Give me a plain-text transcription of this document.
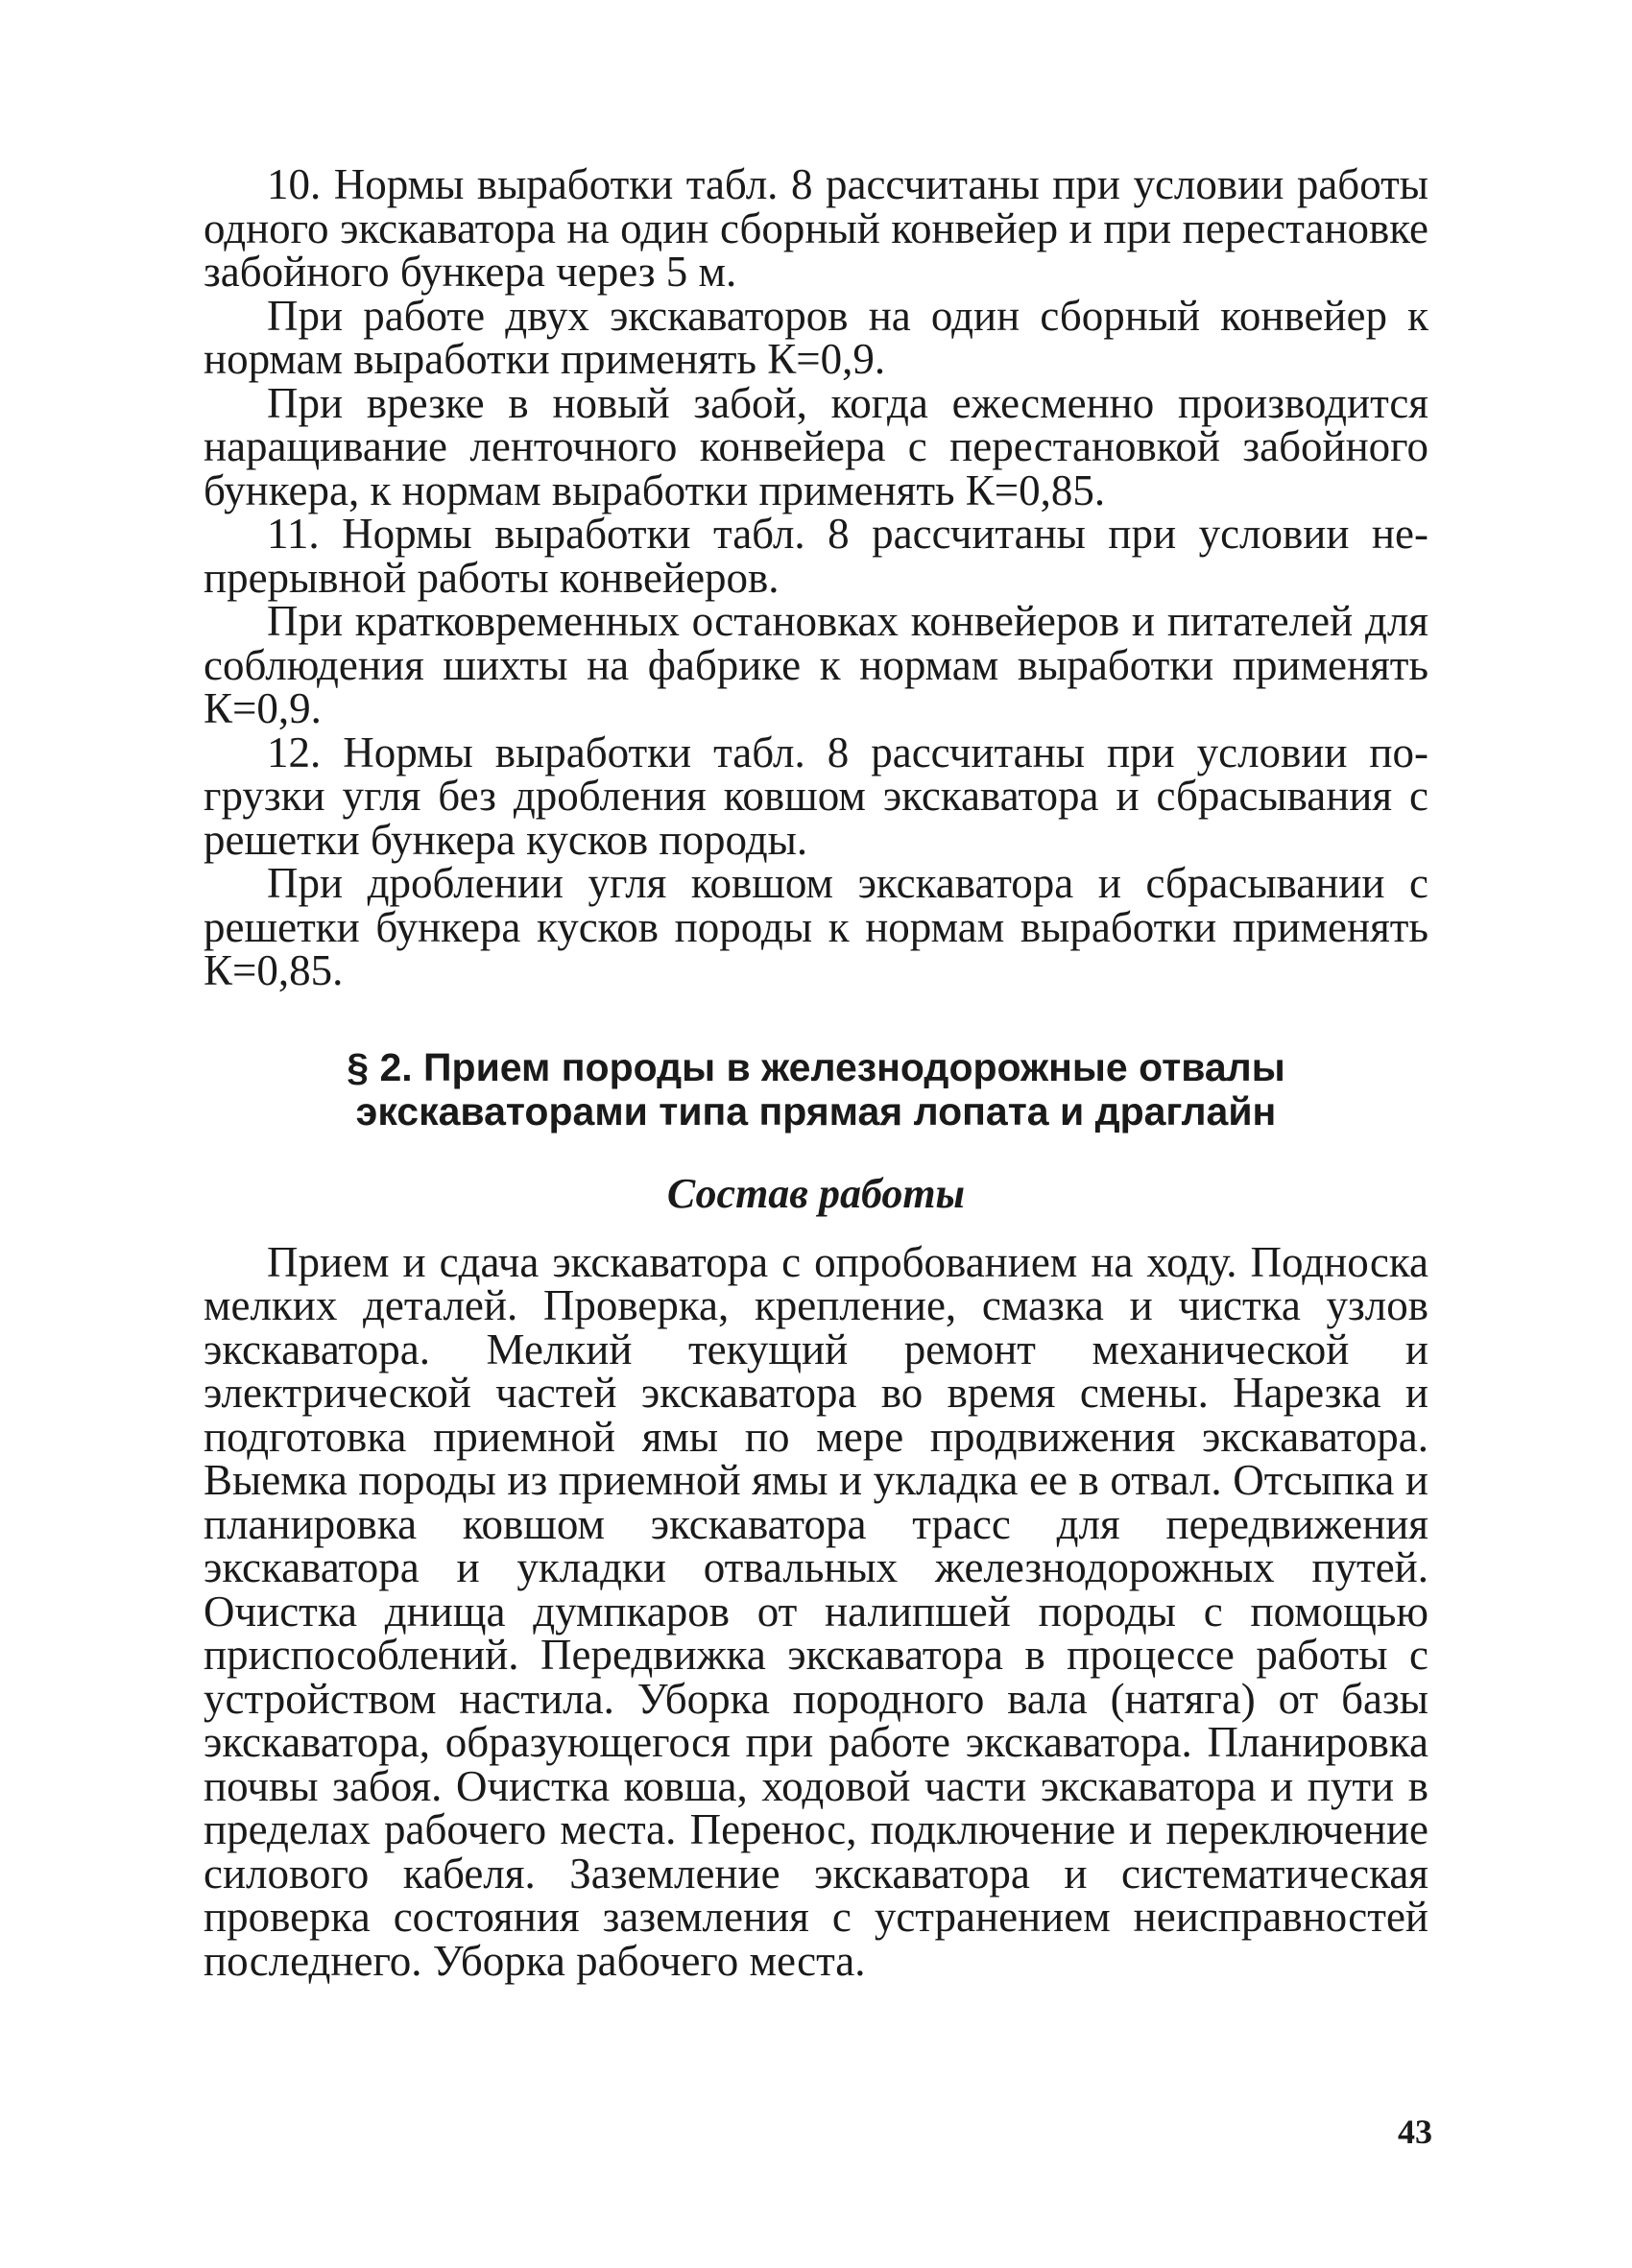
10. Нормы выработки табл. 8 рассчитаны при условии работы одного экскаватора на один сборный конвейер и при перестановке забойного бункера через 5 м.

При работе двух экскаваторов на один сборный конвейер к нормам выработки применять К=0,9.

При врезке в новый забой, когда ежесменно производится наращивание ленточного конвейера с перестановкой забойного бункера, к нормам выработки применять К=0,85.

11. Нормы выработки табл. 8 рассчитаны при условии непрерывной работы конвейеров.

При кратковременных остановках конвейеров и питателей для соблюдения шихты на фабрике к нормам выработки применять К=0,9.

12. Нормы выработки табл. 8 рассчитаны при условии погрузки угля без дробления ковшом экскаватора и сбрасывания с решетки бункера кусков породы.

При дроблении угля ковшом экскаватора и сбрасывании с решетки бункера кусков породы к нормам выработки применять К=0,85.

§ 2. Прием породы в железнодорожные отвалы
экскаваторами типа прямая лопата и драглайн
Состав работы

Прием и сдача экскаватора с опробованием на ходу. Подноска мелких деталей. Проверка, крепление, смазка и чистка узлов экскаватора. Мелкий текущий ремонт механической и электрической частей экскаватора во время смены. Нарезка и подготовка приемной ямы по мере продвижения экскаватора. Выемка породы из приемной ямы и укладка ее в отвал. Отсыпка и планировка ковшом экскаватора трасс для передвижения экскаватора и укладки отвальных железнодорожных путей. Очистка днища думпкаров от налипшей породы с помощью приспособлений. Передвижка экскаватора в процессе работы с устройством настила. Уборка породного вала (натяга) от базы экскаватора, образующегося при работе экскаватора. Планировка почвы забоя. Очистка ковша, ходовой части экскаватора и пути в пределах рабочего места. Перенос, подключение и переключение силового кабеля. Заземление экскаватора и систематическая проверка состояния заземления с устранением неисправностей последнего. Уборка рабочего места.

43
